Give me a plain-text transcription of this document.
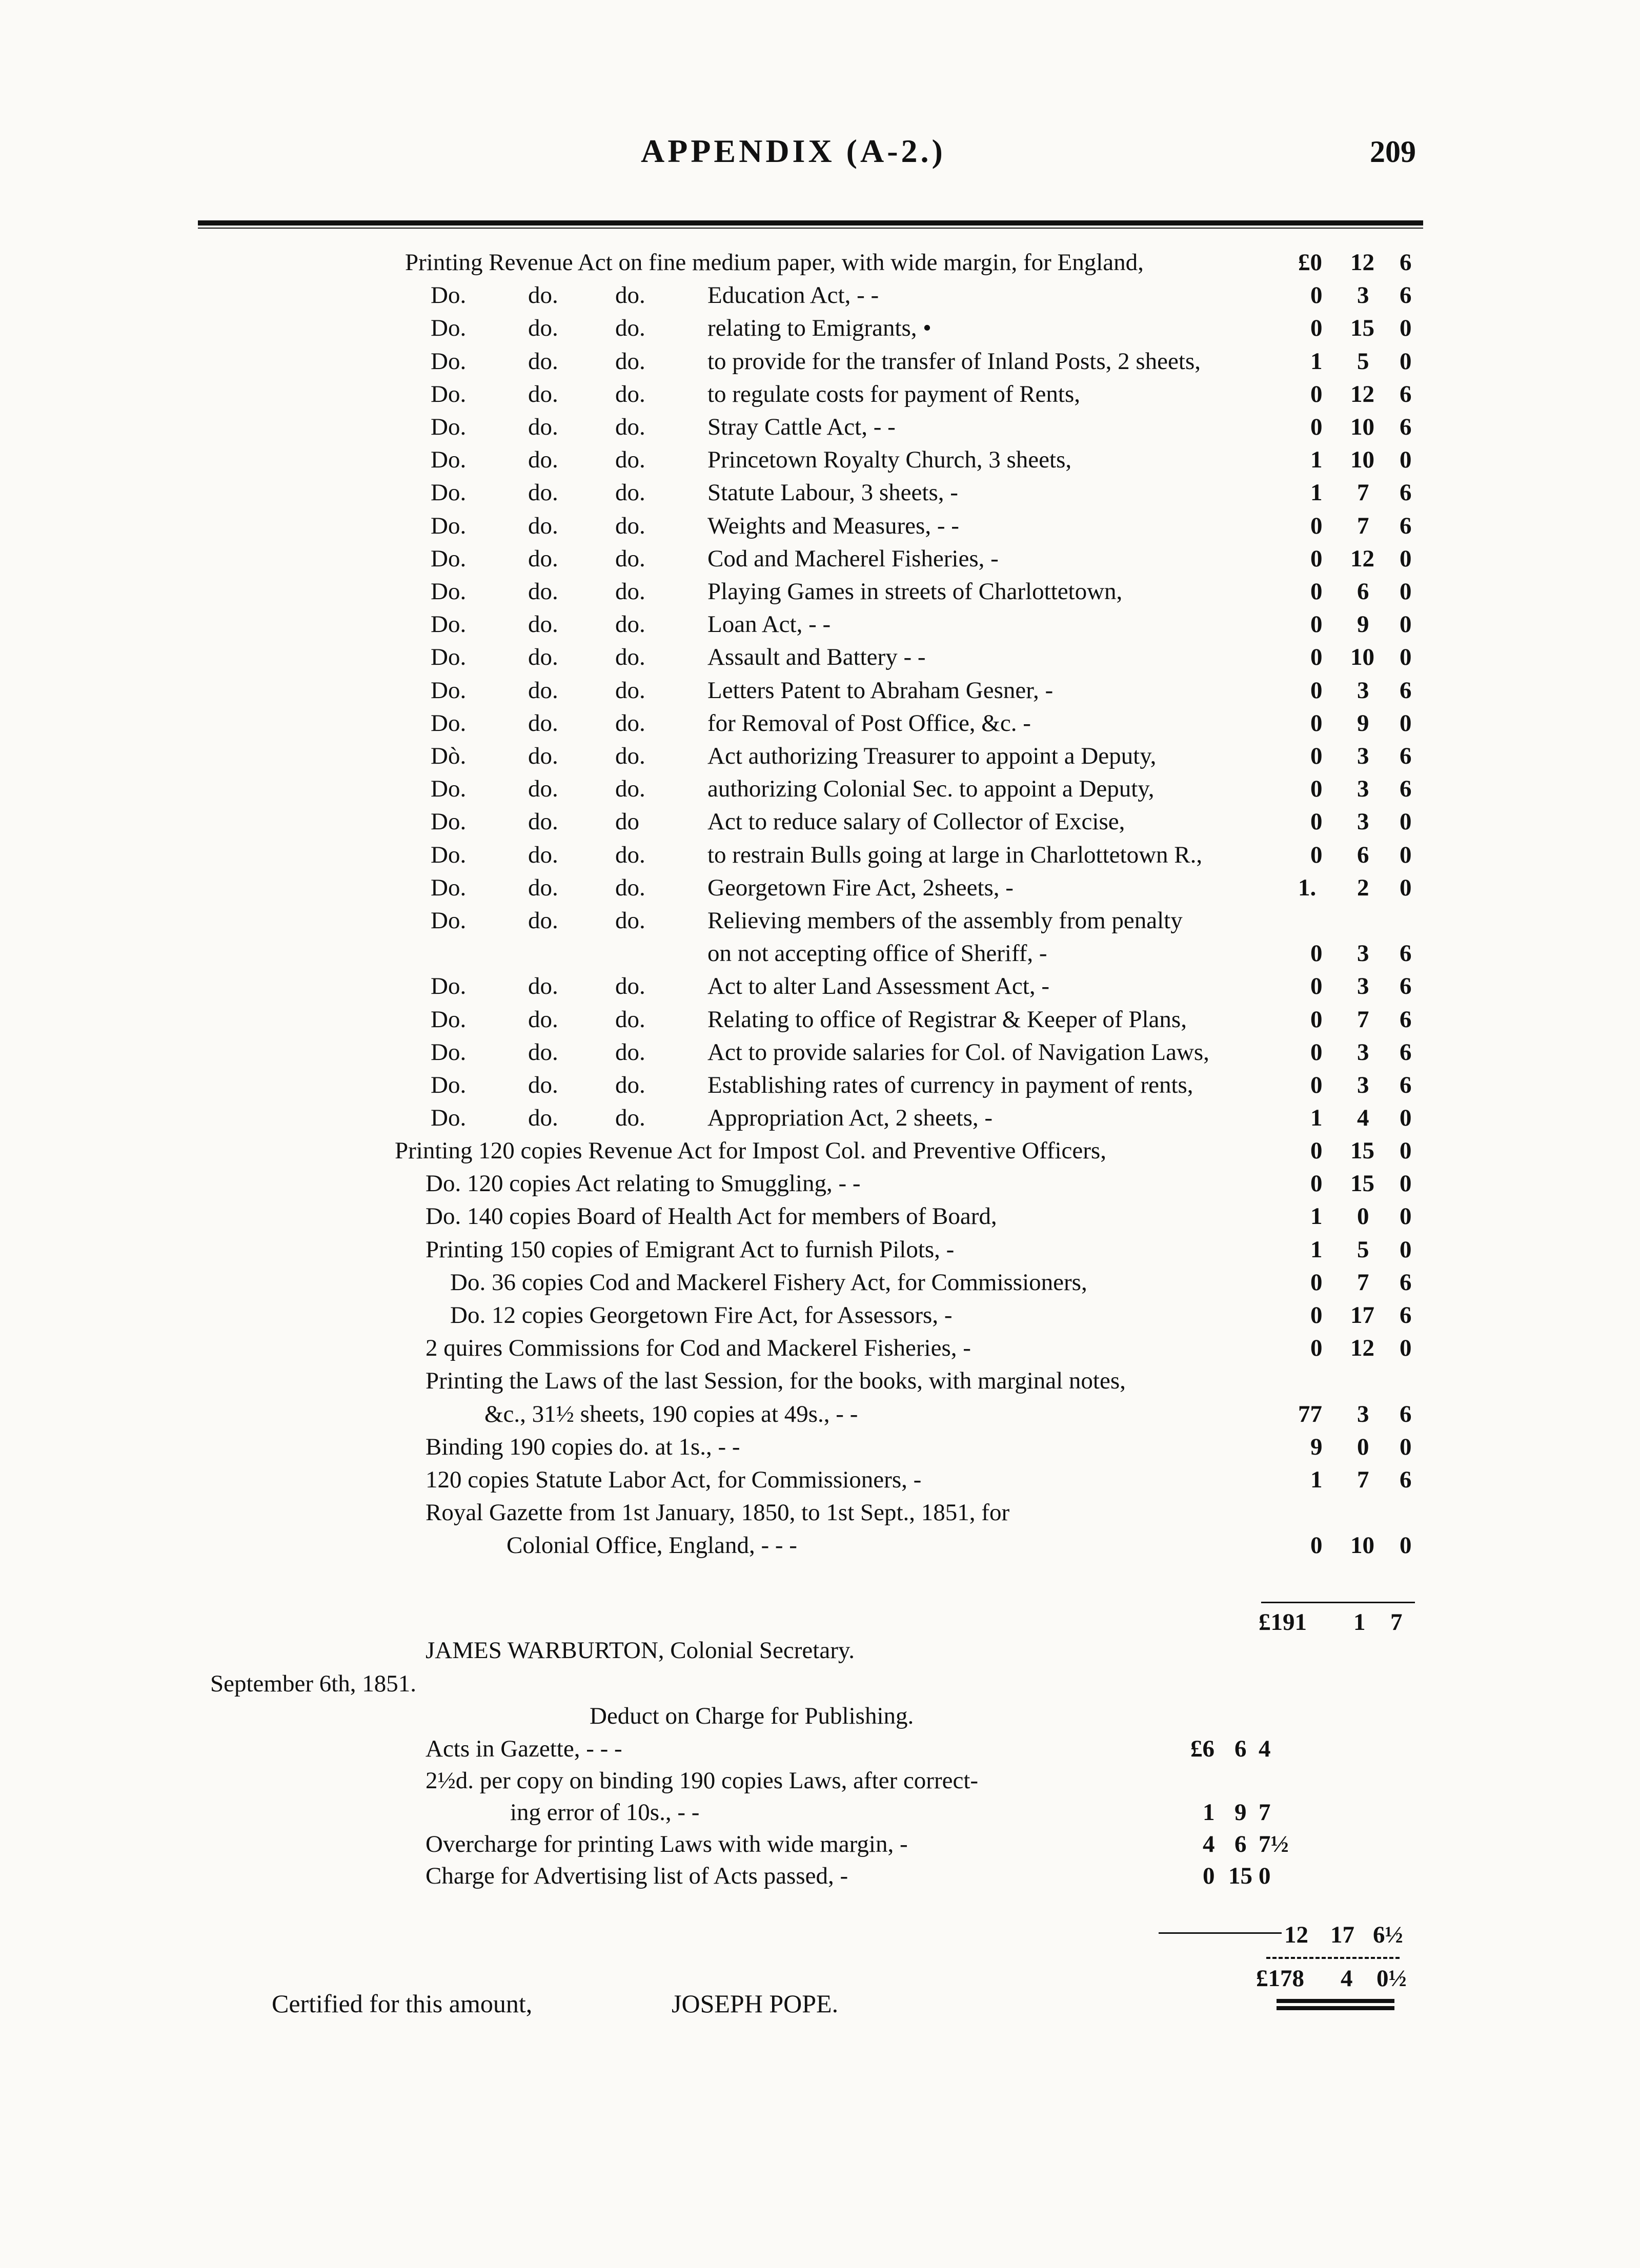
APPENDIX (A-2.)	209
Printing Revenue Act on fine medium paper, with wide margin, for England,	£0 12 6
Do.	do. do.	Education Act, - -	0 3 6
Do.	do. do.	relating to Emigrants, •	0 15 0
Do.	do. do.	to provide for the transfer of Inland Posts, 2 sheets,	1 5 0
Do.	do. do.	to regulate costs for payment of Rents,	0 12 6
Do.	do. do.	Stray Cattle Act, - -	0 10 6
Do.	do. do.	Princetown Royalty Church, 3 sheets,	1 10 0
Do.	do. do.	Statute Labour, 3 sheets, -	1 7 6
Do.	do. do.	Weights and Measures, - -	0 7 6
Do.	do. do.	Cod and Macherel Fisheries, -	0 12 0
Do.	do. do.	Playing Games in streets of Charlottetown,	0 6 0
Do.	do. do.	Loan Act, - -	0 9 0
Do.	do. do.	Assault and Battery - -	0 10 0
Do.	do. do.	Letters Patent to Abraham Gesner, -	0 3 6
Do.	do. do.	for Removal of Post Office, &c. -	0 9 0
Dò.	do. do.	Act authorizing Treasurer to appoint a Deputy,	0 3 6
Do.	do. do.	authorizing Colonial Sec. to appoint a Deputy,	0 3 6
Do.	do. do	Act to reduce salary of Collector of Excise,	0 3 0
Do.	do. do.	to restrain Bulls going at large in Charlottetown R.,	0 6 0
Do.	do. do.	Georgetown Fire Act, 2sheets, -	1. 2 0
Do.	do. do.	Relieving members of the assembly from penalty
on not accepting office of Sheriff, -	0 3 6
Do.	do. do.	Act to alter Land Assessment Act, -	0 3 6
Do.	do. do.	Relating to office of Registrar & Keeper of Plans,	0 7 6
Do.	do. do.	Act to provide salaries for Col. of Navigation Laws,	0 3 6
Do.	do. do.	Establishing rates of currency in payment of rents,	0 3 6
Do.	do. do.	Appropriation Act, 2 sheets, -	1 4 0
Printing 120 copies Revenue Act for Impost Col. and Preventive Officers,	0 15 0
Do. 120 copies Act relating to Smuggling, - -	0 15 0
Do. 140 copies Board of Health Act for members of Board,	1 0 0
Printing 150 copies of Emigrant Act to furnish Pilots, -	1 5 0
Do. 36 copies Cod and Mackerel Fishery Act, for Commissioners,	0 7 6
Do. 12 copies Georgetown Fire Act, for Assessors, -	0 17 6
2 quires Commissions for Cod and Mackerel Fisheries, -	0 12 0
Printing the Laws of the last Session, for the books, with marginal notes,
&c., 31½ sheets, 190 copies at 49s., - -	77 3 6
Binding 190 copies do. at 1s., - -	9 0 0
120 copies Statute Labor Act, for Commissioners, -	1 7 6
Royal Gazette from 1st January, 1850, to 1st Sept., 1851, for
Colonial Office, England, - - -	0 10 0
£191 1 7
JAMES WARBURTON, Colonial Secretary.
September 6th, 1851.
Deduct on Charge for Publishing.
Acts in Gazette, - - -	£6 6 4
2½d. per copy on binding 190 copies Laws, after correct-
ing error of 10s., - -	1 9 7
Overcharge for printing Laws with wide margin, -	4 6 7½
Charge for Advertising list of Acts passed, -	0 15 0
12 17 6½
£178 4 0½
Certified for this amount,	JOSEPH POPE.
